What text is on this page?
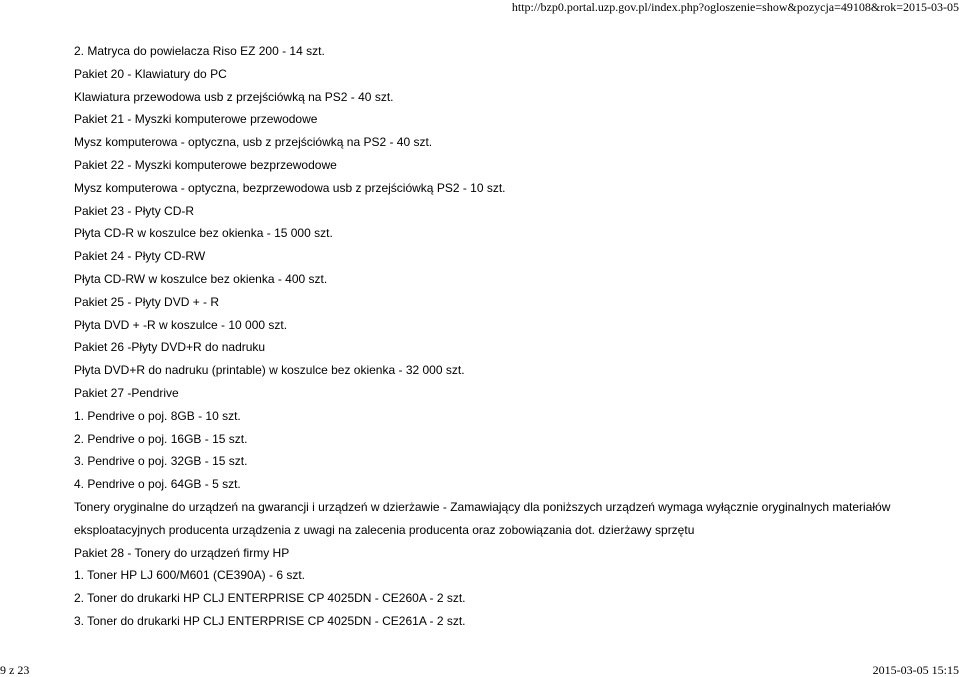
http://bzp0.portal.uzp.gov.pl/index.php?ogloszenie=show&pozycja=49108&rok=2015-03-05
2. Matryca do powielacza Riso EZ 200 - 14 szt.
Pakiet 20 - Klawiatury do PC
Klawiatura przewodowa usb z przejściówką na PS2 - 40 szt.
Pakiet 21 - Myszki komputerowe przewodowe
Mysz komputerowa - optyczna, usb z przejściówką na PS2 - 40 szt.
Pakiet 22 - Myszki komputerowe bezprzewodowe
Mysz komputerowa - optyczna, bezprzewodowa usb z przejściówką PS2 - 10 szt.
Pakiet 23 - Płyty CD-R
Płyta CD-R w koszulce bez okienka - 15 000 szt.
Pakiet 24 - Płyty CD-RW
Płyta CD-RW w koszulce bez okienka - 400 szt.
Pakiet 25 - Płyty DVD + - R
Płyta DVD + -R w koszulce - 10 000 szt.
Pakiet 26 -Płyty DVD+R do nadruku
Płyta DVD+R do nadruku (printable) w koszulce bez okienka - 32 000 szt.
Pakiet 27 -Pendrive
1. Pendrive o poj. 8GB - 10 szt.
2. Pendrive o poj. 16GB - 15 szt.
3. Pendrive o poj. 32GB - 15 szt.
4. Pendrive o poj. 64GB - 5 szt.
Tonery oryginalne do urządzeń na gwarancji i urządzeń w dzierżawie - Zamawiający dla poniższych urządzeń wymaga wyłącznie oryginalnych materiałów
eksploatacyjnych producenta urządzenia z uwagi na zalecenia producenta oraz zobowiązania dot. dzierżawy sprzętu
Pakiet 28 - Tonery do urządzeń firmy HP
1. Toner HP LJ 600/M601 (CE390A) - 6 szt.
2. Toner do drukarki HP CLJ ENTERPRISE CP 4025DN - CE260A - 2 szt.
3. Toner do drukarki HP CLJ ENTERPRISE CP 4025DN - CE261A - 2 szt.
9 z 23	2015-03-05 15:15
